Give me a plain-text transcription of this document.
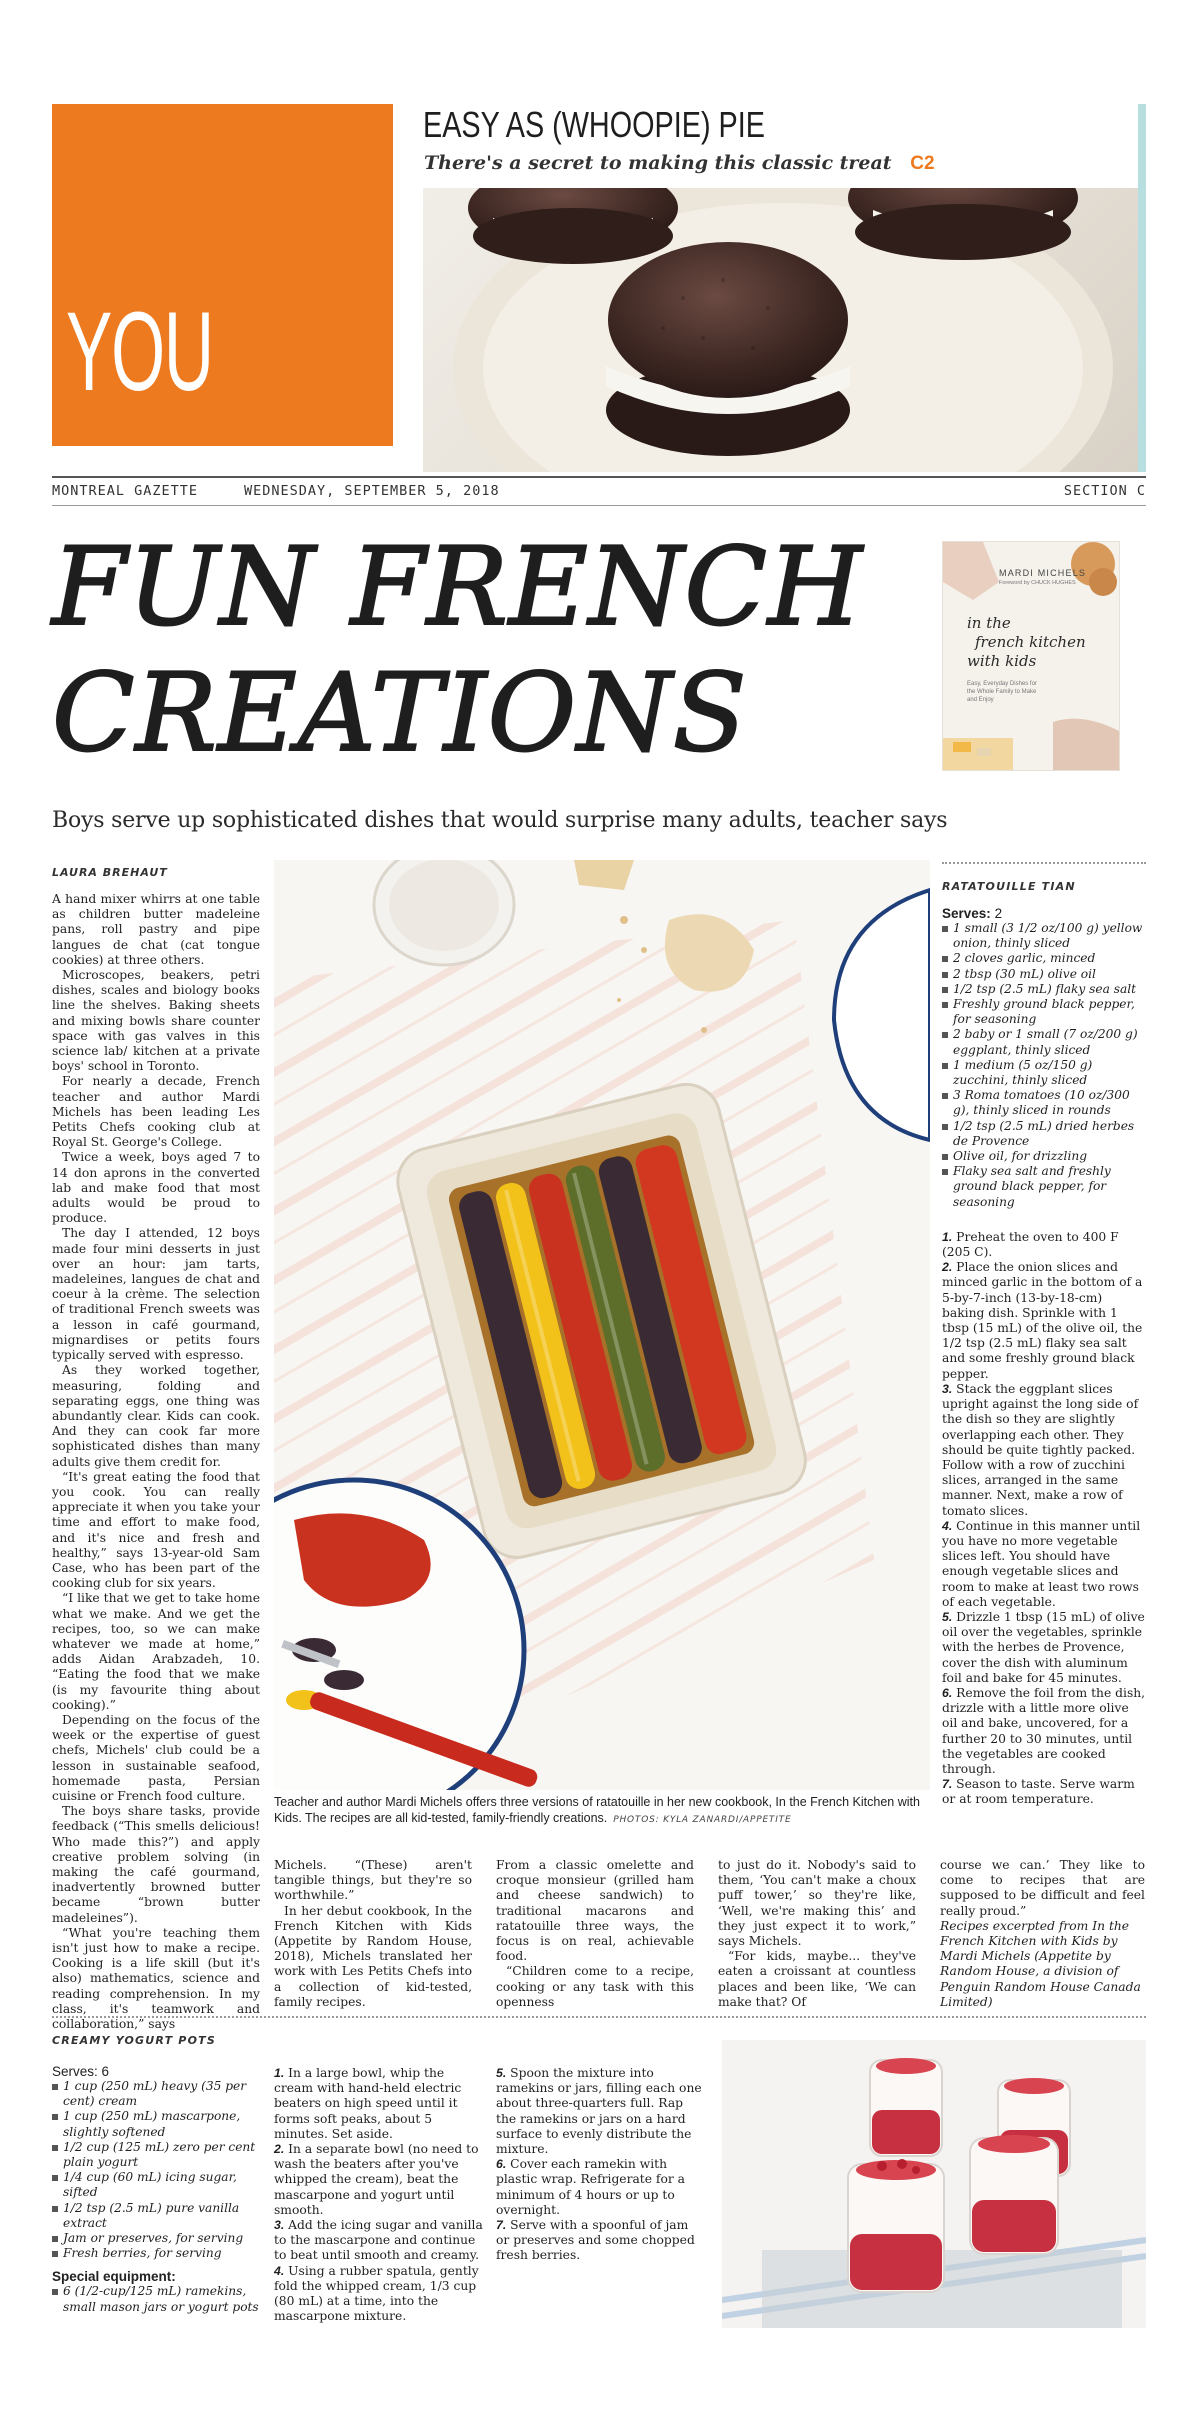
YOU
EASY AS (WHOOPIE) PIE
There's a secret to making this classic treat C2
MONTREAL GAZETTE	WEDNESDAY, SEPTEMBER 5, 2018	SECTION C
FUN FRENCH
CREATIONS
Boys serve up sophisticated dishes that would surprise many adults, teacher says
MARDI MICHELS
Foreword by CHUCK HUGHES
in the
french kitchen
with kids
Easy, Everyday Dishes for the Whole Family to Make and Enjoy
LAURA BREHAUT

A hand mixer whirrs at one table as children butter madeleine pans, roll pastry and pipe langues de chat (cat tongue cookies) at three others.

Microscopes, beakers, petri dishes, scales and biology books line the shelves. Baking sheets and mixing bowls share counter space with gas valves in this science lab/ kitchen at a private boys' school in Toronto.

For nearly a decade, French teacher and author Mardi Michels has been leading Les Petits Chefs cooking club at Royal St. George's College.

Twice a week, boys aged 7 to 14 don aprons in the converted lab and make food that most adults would be proud to produce.

The day I attended, 12 boys made four mini desserts in just over an hour: jam tarts, madeleines, langues de chat and coeur à la crème. The selection of traditional French sweets was a lesson in café gourmand, mignardises or petits fours typically served with espresso.

As they worked together, measuring, folding and separating eggs, one thing was abundantly clear. Kids can cook. And they can cook far more sophisticated dishes than many adults give them credit for.

“It's great eating the food that you cook. You can really appreciate it when you take your time and effort to make food, and it's nice and fresh and healthy,” says 13-year-old Sam Case, who has been part of the cooking club for six years.

“I like that we get to take home what we make. And we get the recipes, too, so we can make whatever we made at home,” adds Aidan Arabzadeh, 10. “Eating the food that we make (is my favourite thing about cooking).”

Depending on the focus of the week or the expertise of guest chefs, Michels' club could be a lesson in sustainable seafood, homemade pasta, Persian cuisine or French food culture.

The boys share tasks, provide feedback (“This smells delicious! Who made this?”) and apply creative problem solving (in making the café gourmand, inadvertently browned butter became “brown butter madeleines”).

“What you're teaching them isn't just how to make a recipe. Cooking is a life skill (but it's also) mathematics, science and reading comprehension. In my class, it's teamwork and collaboration,” says

Teacher and author Mardi Michels offers three versions of ratatouille in her new cookbook, In the French Kitchen with Kids. The recipes are all kid-tested, family-friendly creations. PHOTOS: KYLA ZANARDI/APPETITE

Michels. “(These) aren't tangible things, but they're so worthwhile.”

In her debut cookbook, In the French Kitchen with Kids (Appetite by Random House, 2018), Michels translated her work with Les Petits Chefs into a collection of kid-tested, family recipes.

From a classic omelette and croque monsieur (grilled ham and cheese sandwich) to traditional macarons and ratatouille three ways, the focus is on real, achievable food.

“Children come to a recipe, cooking or any task with this openness

to just do it. Nobody's said to them, ‘You can't make a choux puff tower,’ so they're like, ‘Well, we're making this’ and they just expect it to work,” says Michels.

“For kids, maybe... they've eaten a croissant at countless places and been like, ‘We can make that? Of

course we can.’ They like to come to recipes that are supposed to be difficult and feel really proud.”

Recipes excerpted from In the French Kitchen with Kids by Mardi Michels (Appetite by Random House, a division of Penguin Random House Canada Limited)
RATATOUILLE TIAN
Serves: 2
1 small (3 1/2 oz/100 g) yellow onion, thinly sliced
2 cloves garlic, minced
2 tbsp (30 mL) olive oil
1/2 tsp (2.5 mL) flaky sea salt
Freshly ground black pepper, for seasoning
2 baby or 1 small (7 oz/200 g) eggplant, thinly sliced
1 medium (5 oz/150 g) zucchini, thinly sliced
3 Roma tomatoes (10 oz/300 g), thinly sliced in rounds
1/2 tsp (2.5 mL) dried herbes de Provence
Olive oil, for drizzling
Flaky sea salt and freshly ground black pepper, for seasoning

1. Preheat the oven to 400 F (205 C).

2. Place the onion slices and minced garlic in the bottom of a 5-by-7-inch (13-by-18-cm) baking dish. Sprinkle with 1 tbsp (15 mL) of the olive oil, the 1/2 tsp (2.5 mL) flaky sea salt and some freshly ground black pepper.

3. Stack the eggplant slices upright against the long side of the dish so they are slightly overlapping each other. They should be quite tightly packed. Follow with a row of zucchini slices, arranged in the same manner. Next, make a row of tomato slices.

4. Continue in this manner until you have no more vegetable slices left. You should have enough vegetable slices and room to make at least two rows of each vegetable.

5. Drizzle 1 tbsp (15 mL) of olive oil over the vegetables, sprinkle with the herbes de Provence, cover the dish with aluminum foil and bake for 45 minutes.

6. Remove the foil from the dish, drizzle with a little more olive oil and bake, uncovered, for a further 20 to 30 minutes, until the vegetables are cooked through.

7. Season to taste. Serve warm or at room temperature.

CREAMY YOGURT POTS
Serves: 6
1 cup (250 mL) heavy (35 per cent) cream
1 cup (250 mL) mascarpone, slightly softened
1/2 cup (125 mL) zero per cent plain yogurt
1/4 cup (60 mL) icing sugar, sifted
1/2 tsp (2.5 mL) pure vanilla extract
Jam or preserves, for serving
Fresh berries, for serving
Special equipment:
6 (1/2-cup/125 mL) ramekins, small mason jars or yogurt pots

1. In a large bowl, whip the cream with hand-held electric beaters on high speed until it forms soft peaks, about 5 minutes. Set aside.

2. In a separate bowl (no need to wash the beaters after you've whipped the cream), beat the mascarpone and yogurt until smooth.

3. Add the icing sugar and vanilla to the mascarpone and continue to beat until smooth and creamy.

4. Using a rubber spatula, gently fold the whipped cream, 1/3 cup (80 mL) at a time, into the mascarpone mixture.

5. Spoon the mixture into ramekins or jars, filling each one about three-quarters full. Rap the ramekins or jars on a hard surface to evenly distribute the mixture.

6. Cover each ramekin with plastic wrap. Refrigerate for a minimum of 4 hours or up to overnight.

7. Serve with a spoonful of jam or preserves and some chopped fresh berries.
